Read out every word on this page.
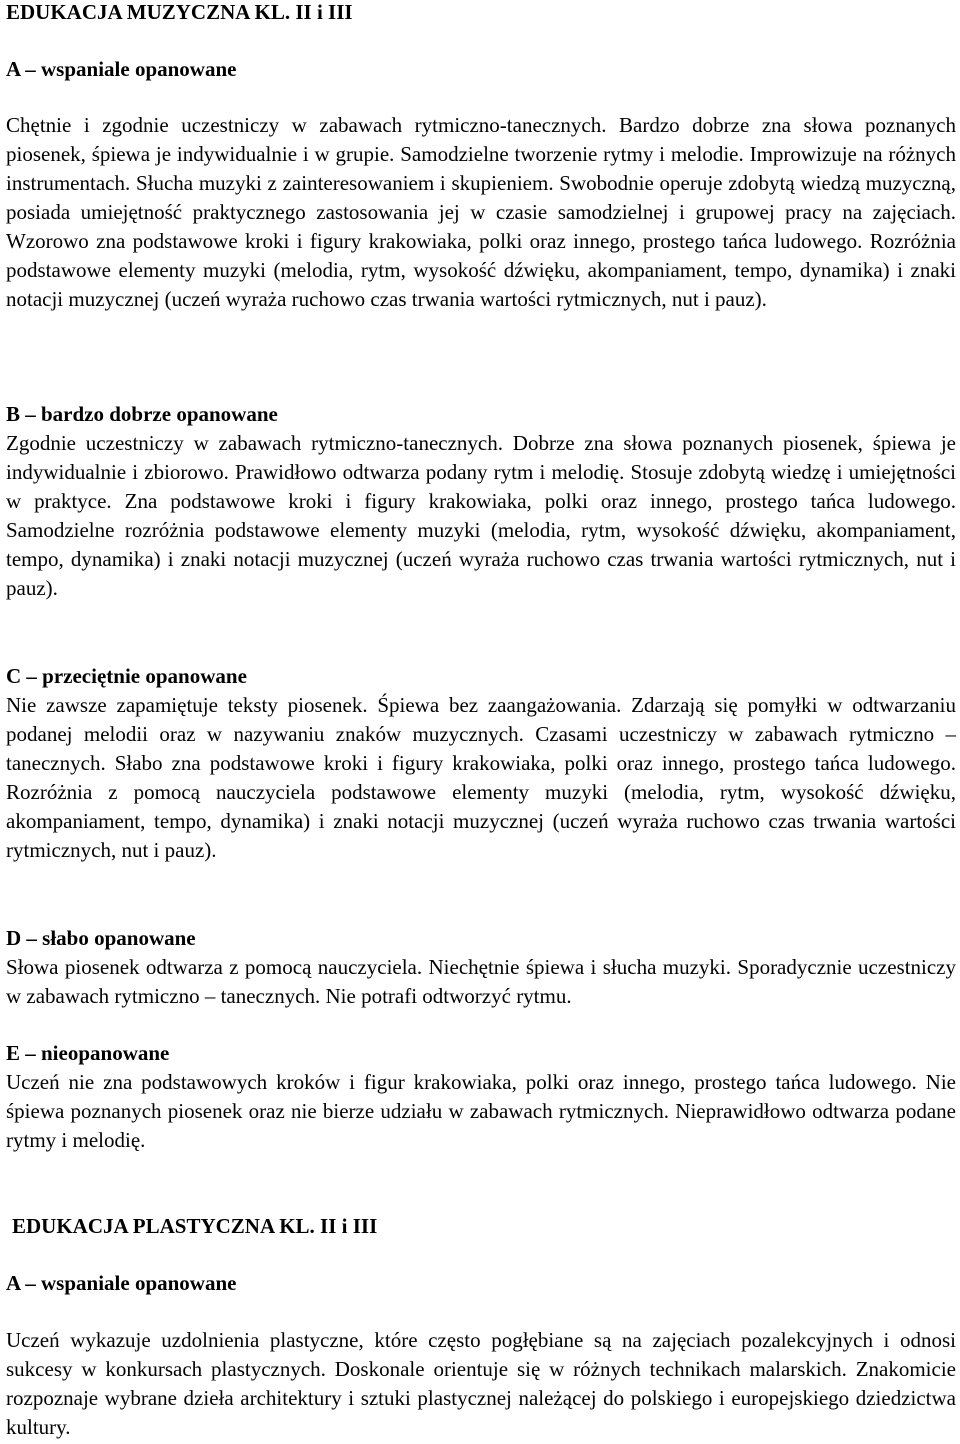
EDUKACJA MUZYCZNA KL. II i III
A – wspaniale opanowane

Chętnie i zgodnie uczestniczy w zabawach rytmiczno-tanecznych. Bardzo dobrze zna słowa poznanych piosenek, śpiewa je indywidualnie i w grupie. Samodzielne tworzenie rytmy i melodie. Improwizuje na różnych instrumentach. Słucha muzyki z zainteresowaniem i skupieniem. Swobodnie operuje zdobytą wiedzą muzyczną, posiada umiejętność praktycznego zastosowania jej w czasie samodzielnej i grupowej pracy na zajęciach. Wzorowo zna podstawowe kroki i figury krakowiaka, polki oraz innego, prostego tańca ludowego. Rozróżnia podstawowe elementy muzyki (melodia, rytm, wysokość dźwięku, akompaniament, tempo, dynamika) i znaki notacji muzycznej (uczeń wyraża ruchowo czas trwania wartości rytmicznych, nut i pauz).

B – bardzo dobrze opanowane

Zgodnie uczestniczy w zabawach rytmiczno-tanecznych. Dobrze zna słowa poznanych piosenek, śpiewa je indywidualnie i zbiorowo. Prawidłowo odtwarza podany rytm i melodię. Stosuje zdobytą wiedzę i umiejętności w praktyce. Zna podstawowe kroki i figury krakowiaka, polki oraz innego, prostego tańca ludowego. Samodzielne rozróżnia podstawowe elementy muzyki (melodia, rytm, wysokość dźwięku, akompaniament, tempo, dynamika) i znaki notacji muzycznej (uczeń wyraża ruchowo czas trwania wartości rytmicznych, nut i pauz).

C – przeciętnie opanowane

Nie zawsze zapamiętuje teksty piosenek. Śpiewa bez zaangażowania. Zdarzają się pomyłki w odtwarzaniu podanej melodii oraz w nazywaniu znaków muzycznych. Czasami uczestniczy w zabawach rytmiczno – tanecznych. Słabo zna podstawowe kroki i figury krakowiaka, polki oraz innego, prostego tańca ludowego. Rozróżnia z pomocą nauczyciela podstawowe elementy muzyki (melodia, rytm, wysokość dźwięku, akompaniament, tempo, dynamika) i znaki notacji muzycznej (uczeń wyraża ruchowo czas trwania wartości rytmicznych, nut i pauz).

D – słabo opanowane

Słowa piosenek odtwarza z pomocą nauczyciela. Niechętnie śpiewa i słucha muzyki. Sporadycznie uczestniczy w zabawach rytmiczno – tanecznych. Nie potrafi odtworzyć rytmu.

E – nieopanowane

Uczeń nie zna podstawowych kroków i figur krakowiaka, polki oraz innego, prostego tańca ludowego. Nie śpiewa poznanych piosenek oraz nie bierze udziału w zabawach rytmicznych. Nieprawidłowo odtwarza podane rytmy i melodię.

EDUKACJA PLASTYCZNA KL. II i III
A – wspaniale opanowane

Uczeń wykazuje uzdolnienia plastyczne, które często pogłębiane są na zajęciach pozalekcyjnych i odnosi sukcesy w konkursach plastycznych. Doskonale orientuje się w różnych technikach malarskich. Znakomicie rozpoznaje wybrane dzieła architektury i sztuki plastycznej należącej do polskiego i europejskiego dziedzictwa kultury.
